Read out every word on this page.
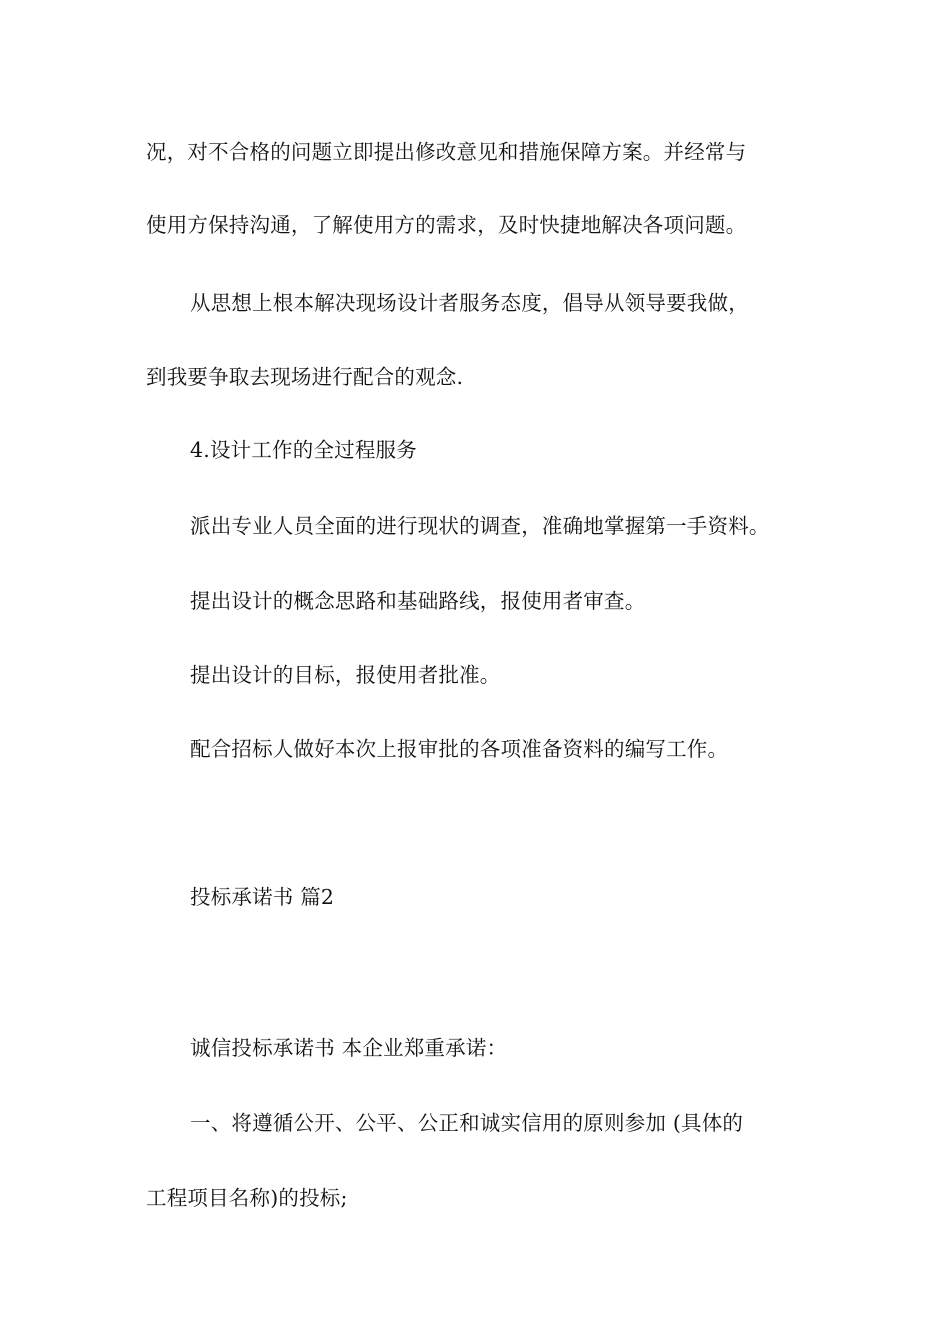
况，对不合格的问题立即提出修改意见和措施保障方案。并经常与
使用方保持沟通，了解使用方的需求，及时快捷地解决各项问题。
从思想上根本解决现场设计者服务态度，倡导从领导要我做，
到我要争取去现场进行配合的观念.
4.设计工作的全过程服务
派出专业人员全面的进行现状的调查，准确地掌握第一手资料。
提出设计的概念思路和基础路线，报使用者审查。
提出设计的目标，报使用者批准。
配合招标人做好本次上报审批的各项准备资料的编写工作。
投标承诺书 篇2
诚信投标承诺书 本企业郑重承诺：
一、将遵循公开、公平、公正和诚实信用的原则参加 (具体的
工程项目名称)的投标;
